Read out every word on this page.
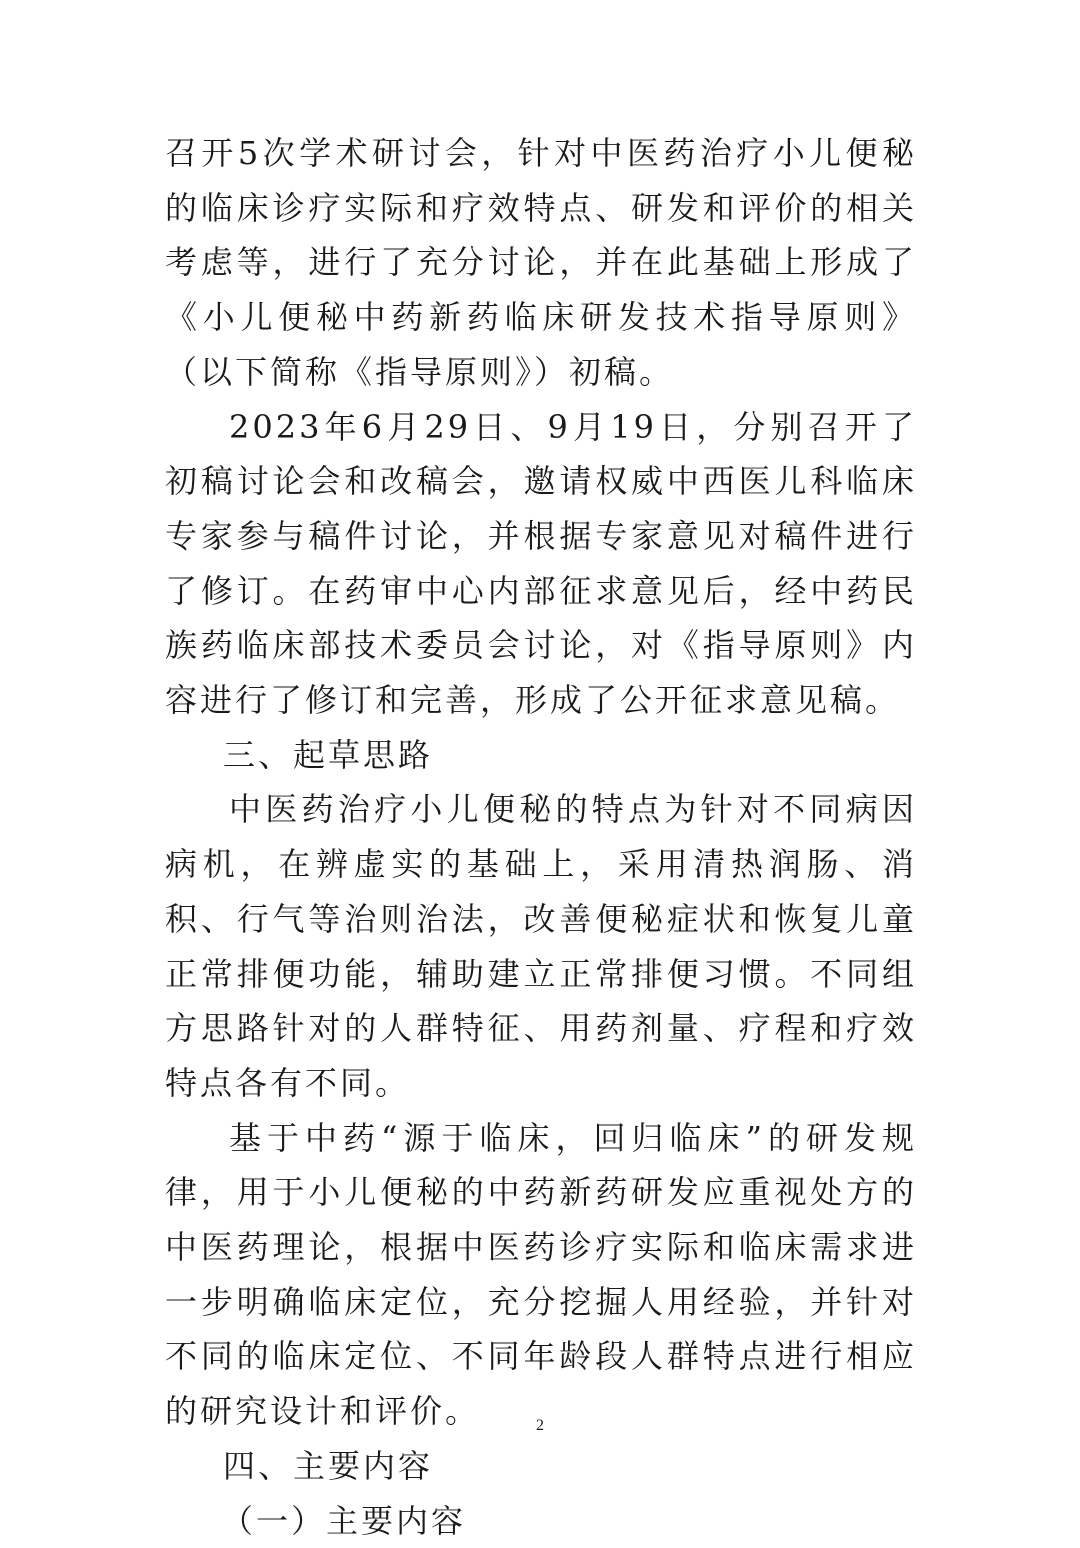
召开5次学术研讨会，针对中医药治疗小儿便秘的临床诊疗实际和疗效特点、研发和评价的相关考虑等，进行了充分讨论，并在此基础上形成了《小儿便秘中药新药临床研发技术指导原则》（以下简称《指导原则》）初稿。

2023年6月29日、9月19日，分别召开了初稿讨论会和改稿会，邀请权威中西医儿科临床专家参与稿件讨论，并根据专家意见对稿件进行了修订。在药审中心内部征求意见后，经中药民族药临床部技术委员会讨论，对《指导原则》内容进行了修订和完善，形成了公开征求意见稿。

三、起草思路

中医药治疗小儿便秘的特点为针对不同病因病机，在辨虚实的基础上，采用清热润肠、消积、行气等治则治法，改善便秘症状和恢复儿童正常排便功能，辅助建立正常排便习惯。不同组方思路针对的人群特征、用药剂量、疗程和疗效特点各有不同。

基于中药“源于临床，回归临床”的研发规律，用于小儿便秘的中药新药研发应重视处方的中医药理论，根据中医药诊疗实际和临床需求进一步明确临床定位，充分挖掘人用经验，并针对不同的临床定位、不同年龄段人群特点进行相应的研究设计和评价。

四、主要内容

（一）主要内容

2
